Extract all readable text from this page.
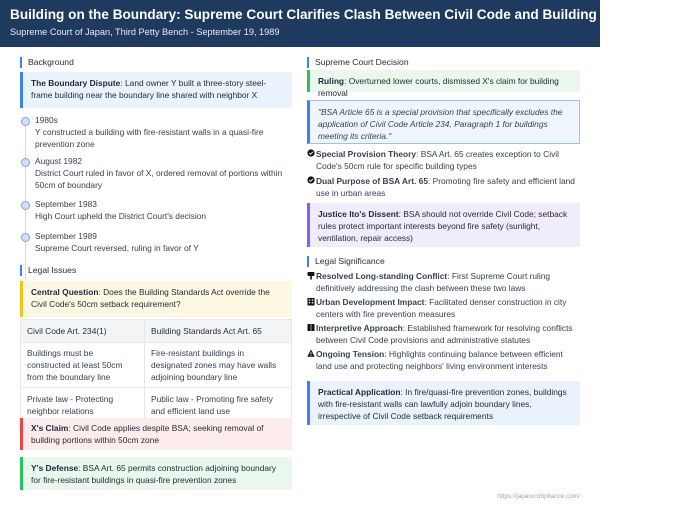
Building on the Boundary: Supreme Court Clarifies Clash Between Civil Code and Building Standards Act
Supreme Court of Japan, Third Petty Bench - September 19, 1989
Background
The Boundary Dispute: Land owner Y built a three-story steel-frame building near the boundary line shared with neighbor X
1980s
Y constructed a building with fire-resistant walls in a quasi-fire prevention zone
August 1982
District Court ruled in favor of X, ordered removal of portions within 50cm of boundary
September 1983
High Court upheld the District Court's decision
September 1989
Supreme Court reversed, ruling in favor of Y
Legal Issues
Central Question: Does the Building Standards Act override the Civil Code's 50cm setback requirement?
Civil Code Art. 234(1)	Building Standards Act Art. 65
Buildings must be constructed at least 50cm from the boundary line	Fire-resistant buildings in designated zones may have walls adjoining boundary line
Private law - Protecting neighbor relations	Public law - Promoting fire safety and efficient land use
X's Claim: Civil Code applies despite BSA; seeking removal of building portions within 50cm zone
Y's Defense: BSA Art. 65 permits construction adjoining boundary for fire-resistant buildings in quasi-fire prevention zones
Supreme Court Decision
Ruling: Overturned lower courts, dismissed X's claim for building removal
"BSA Article 65 is a special provision that specifically excludes the application of Civil Code Article 234, Paragraph 1 for buildings meeting its criteria."
Special Provision Theory: BSA Art. 65 creates exception to Civil Code's 50cm rule for specific building types
Dual Purpose of BSA Art. 65: Promoting fire safety and efficient land use in urban areas
Justice Ito's Dissent: BSA should not override Civil Code; setback rules protect important interests beyond fire safety (sunlight, ventilation, repair access)
Legal Significance
Resolved Long-standing Conflict: First Supreme Court ruling definitively addressing the clash between these two laws
Urban Development Impact: Facilitated denser construction in city centers with fire prevention measures
Interpretive Approach: Established framework for resolving conflicts between Civil Code provisions and administrative statutes
Ongoing Tension: Highlights continuing balance between efficient land use and protecting neighbors' living environment interests
Practical Application: In fire/quasi-fire prevention zones, buildings with fire-resistant walls can lawfully adjoin boundary lines, irrespective of Civil Code setback requirements
https://japancompliance.com/
